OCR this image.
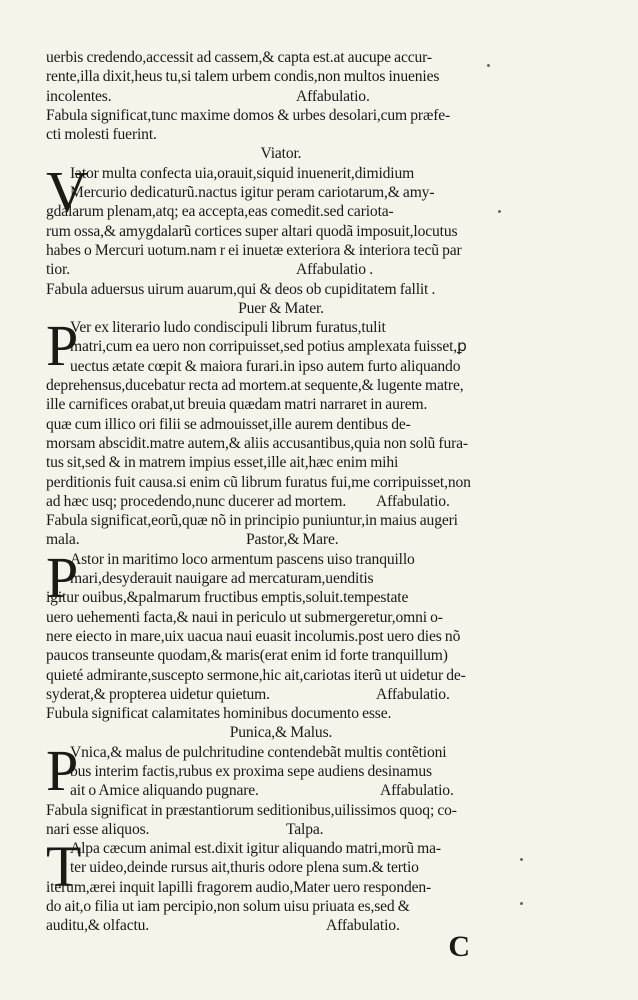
uerbis credendo,accessit ad cassem,& capta est.at aucupe accur-
rente,illa dixit,heus tu,si talem urbem condis,non multos inuenies
incolentes.	Affabulatio.
Fabula significat,tunc maxime domos & urbes desolari,cum præfe-
cti molesti fuerint.
Viator.
V
Iator multa confecta uia,orauit,siquid inuenerit,dimidium
Mercurio dedicaturũ.nactus igitur peram cariotarum,& amy-
gdalarum plenam,atq; ea accepta,eas comedit.sed cariota-
rum ossa,& amygdalarũ cortices super altari quodã imposuit,locutus
habes o Mercuri uotum.nam r ei inuetæ exteriora & interiora tecũ par
tior.	Affabulatio .
Fabula aduersus uirum auarum,qui & deos ob cupiditatem fallit .
Puer & Mater.
P
Ver ex literario ludo condiscipuli librum furatus,tulit
matri,cum ea uero non corripuisset,sed potius amplexata fuisset,ꝑ
uectus ætate cœpit & maiora furari.in ipso autem furto aliquando
deprehensus,ducebatur recta ad mortem.at sequente,& lugente matre,
ille carnifices orabat,ut breuia quædam matri narraret in aurem.
quæ cum illico ori filii se admouisset,ille aurem dentibus de-
morsam abscidit.matre autem,& aliis accusantibus,quia non solũ fura-
tus sit,sed & in matrem impius esset,ille ait,hæc enim mihi
perditionis fuit causa.si enim cũ librum furatus fui,me corripuisset,non
ad hæc usq; procedendo,nunc ducerer ad mortem. Affabulatio.
Fabula significat,eorũ,quæ nõ in principio puniuntur,in maius augeri
mala.	Pastor,& Mare.
P
Astor in maritimo loco armentum pascens uiso tranquillo
mari,desyderauit nauigare ad mercaturam,uenditis
igitur ouibus,&palmarum fructibus emptis,soluit.tempestate
uero uehementi facta,& naui in periculo ut submergeretur,omni o-
nere eiecto in mare,uix uacua naui euasit incolumis.post uero dies nõ
paucos transeunte quodam,& maris(erat enim id forte tranquillum)
quieté admirante,suscepto sermone,hic ait,cariotas iterũ ut uidetur de-
syderat,& propterea uidetur quietum.	Affabulatio.
Fubula significat calamitates hominibus documento esse.
Punica,& Malus.
P
Vnica,& malus de pulchritudine contendebãt multis contẽtioni
bus interim factis,rubus ex proxima sepe audiens desinamus
ait o Amice aliquando pugnare.	Affabulatio.
Fabula significat in præstantiorum seditionibus,uilissimos quoq; co-
nari esse aliquos.	Talpa.
T
Alpa cæcum animal est.dixit igitur aliquando matri,morũ ma-
ter uideo,deinde rursus ait,thuris odore plena sum.& tertio
iterum,ærei inquit lapilli fragorem audio,Mater uero responden-
do ait,o filia ut iam percipio,non solum uisu priuata es,sed &
auditu,& olfactu.	Affabulatio.
C
